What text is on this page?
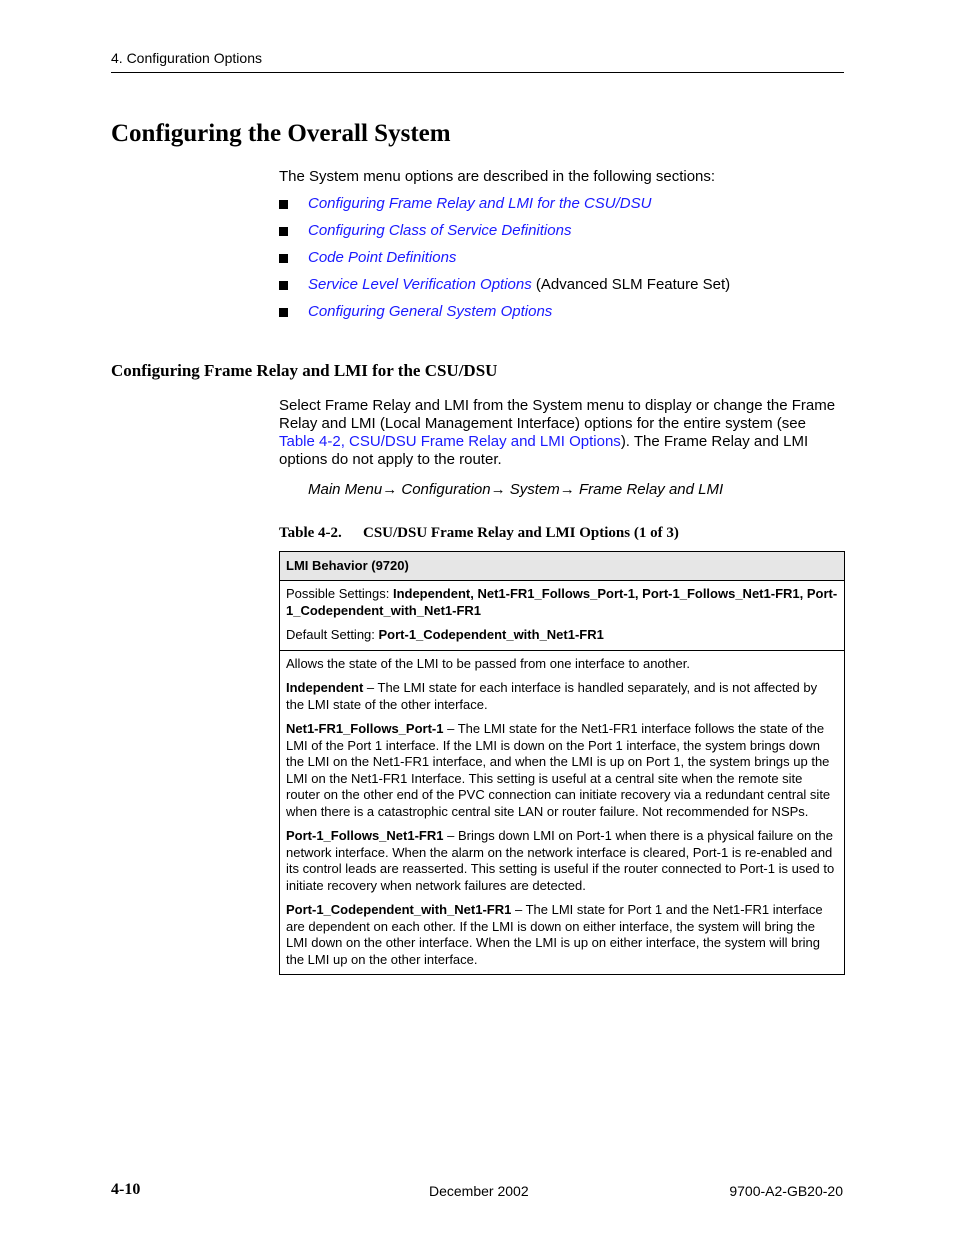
4. Configuration Options
Configuring the Overall System
The System menu options are described in the following sections:
Configuring Frame Relay and LMI for the CSU/DSU
Configuring Class of Service Definitions
Code Point Definitions
Service Level Verification Options (Advanced SLM Feature Set)
Configuring General System Options
Configuring Frame Relay and LMI for the CSU/DSU

Select Frame Relay and LMI from the System menu to display or change the Frame Relay and LMI (Local Management Interface) options for the entire system (see Table 4-2, CSU/DSU Frame Relay and LMI Options). The Frame Relay and LMI options do not apply to the router.

Main Menu→ Configuration→ System→ Frame Relay and LMI
Table 4-2. CSU/DSU Frame Relay and LMI Options (1 of 3)
LMI Behavior (9720)

Possible Settings: Independent, Net1-FR1_Follows_Port-1, Port-1_Follows_Net1-FR1, Port-1_Codependent_with_Net1-FR1

Default Setting: Port-1_Codependent_with_Net1-FR1

Allows the state of the LMI to be passed from one interface to another.

Independent – The LMI state for each interface is handled separately, and is not affected by the LMI state of the other interface.

Net1-FR1_Follows_Port-1 – The LMI state for the Net1-FR1 interface follows the state of the LMI of the Port 1 interface. If the LMI is down on the Port 1 interface, the system brings down the LMI on the Net1-FR1 interface, and when the LMI is up on Port 1, the system brings up the LMI on the Net1-FR1 Interface. This setting is useful at a central site when the remote site router on the other end of the PVC connection can initiate recovery via a redundant central site when there is a catastrophic central site LAN or router failure. Not recommended for NSPs.

Port-1_Follows_Net1-FR1 – Brings down LMI on Port-1 when there is a physical failure on the network interface. When the alarm on the network interface is cleared, Port-1 is re-enabled and its control leads are reasserted. This setting is useful if the router connected to Port-1 is used to initiate recovery when network failures are detected.

Port-1_Codependent_with_Net1-FR1 – The LMI state for Port 1 and the Net1-FR1 interface are dependent on each other. If the LMI is down on either interface, the system will bring the LMI down on the other interface. When the LMI is up on either interface, the system will bring the LMI up on the other interface.

4-10	December 2002	9700-A2-GB20-20
